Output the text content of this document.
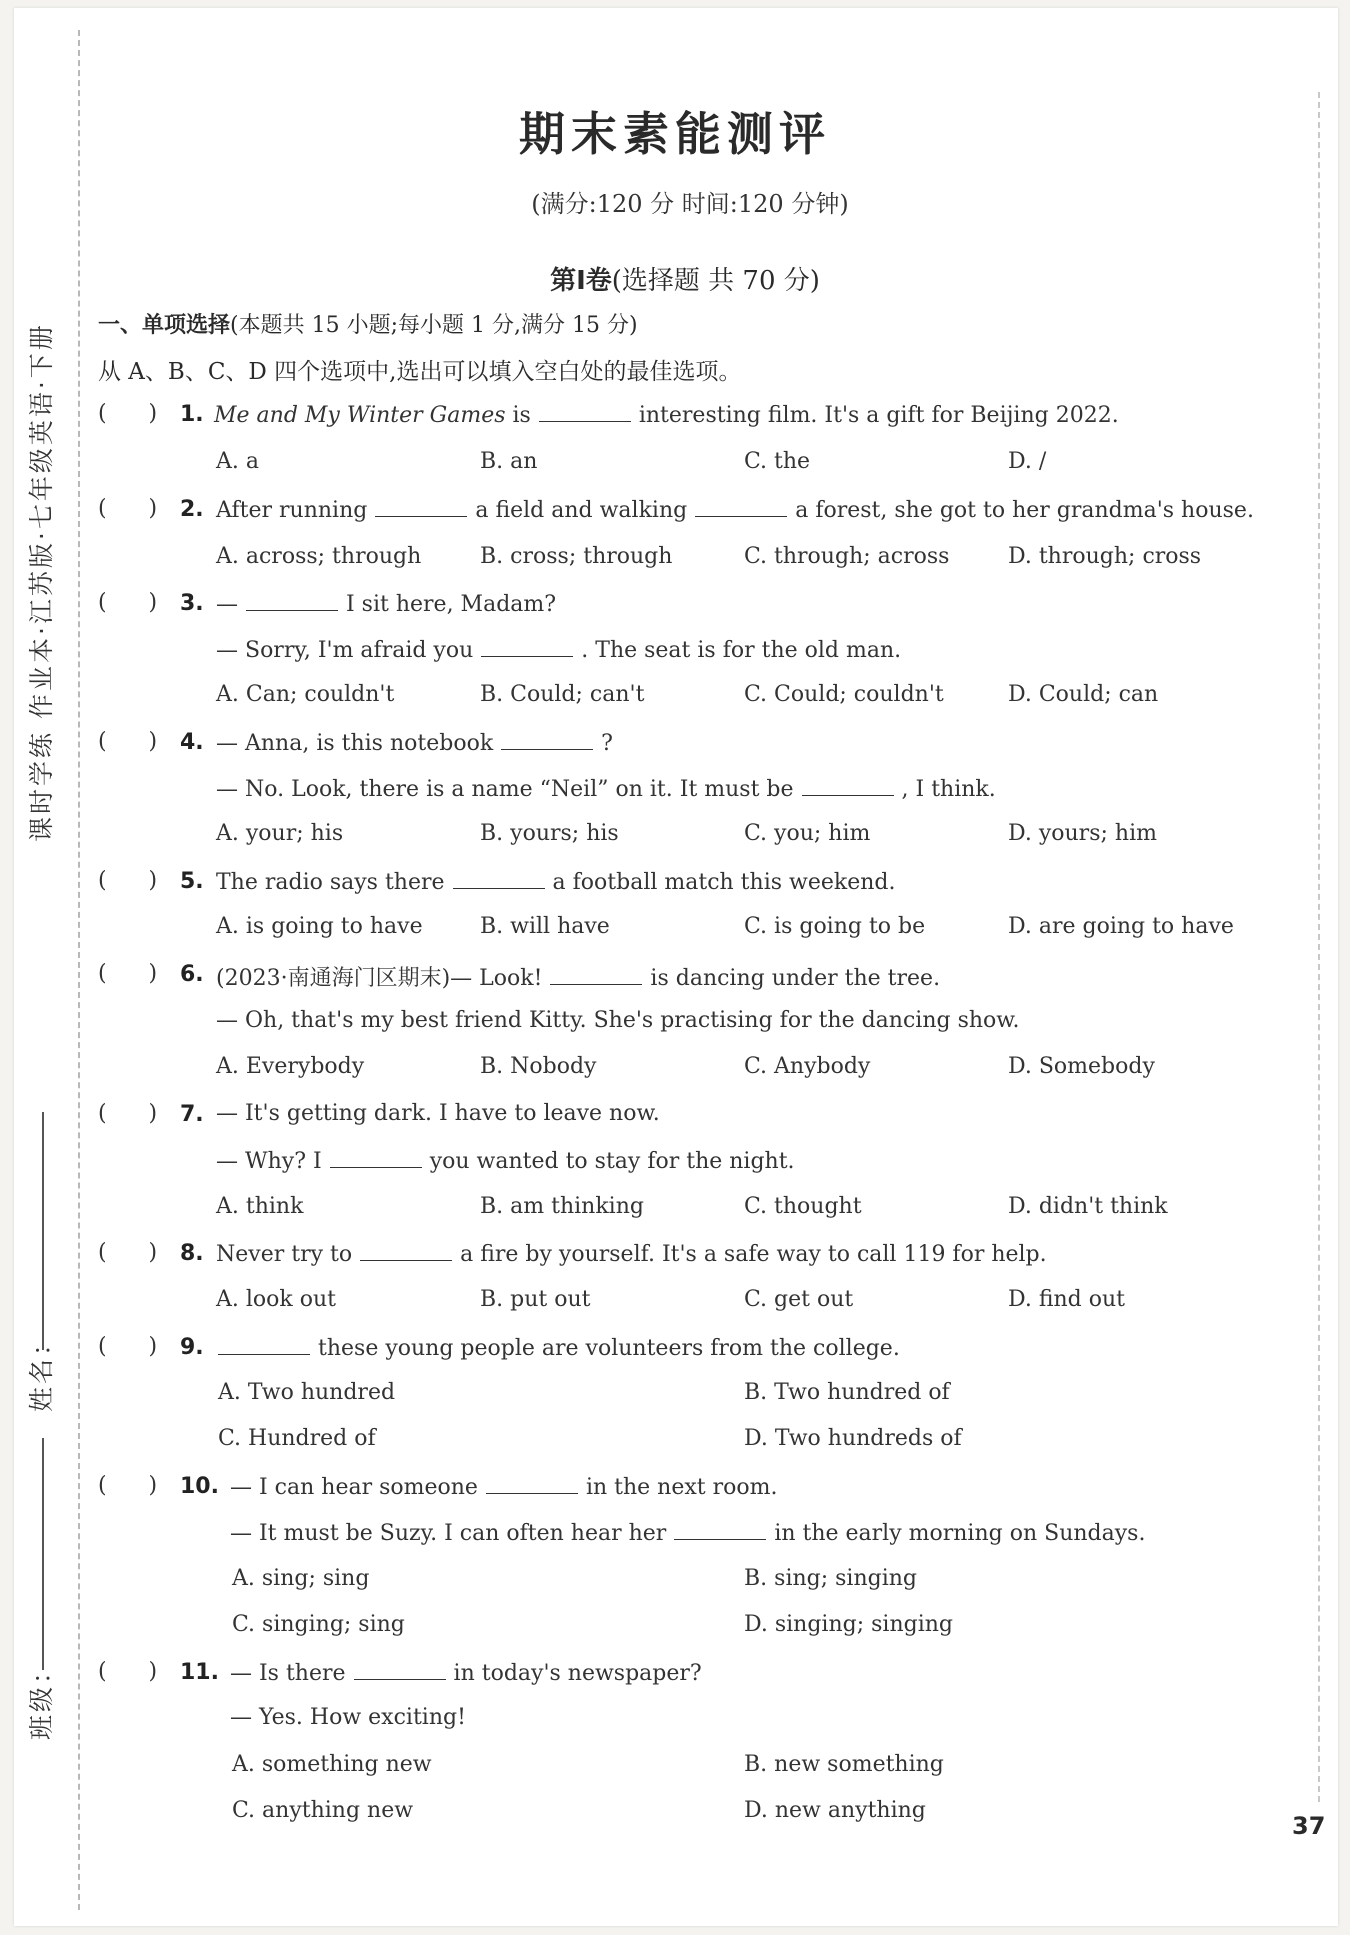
课时学练 作业本·江苏版·七年级英语·下册
姓名：
班级：
期末素能测评
(满分:120 分 时间:120 分钟)
第Ⅰ卷(选择题 共 70 分)
一、单项选择(本题共 15 小题;每小题 1 分,满分 15 分)
从 A、B、C、D 四个选项中,选出可以填入空白处的最佳选项。
(      ) 1. Me and My Winter Games is	interesting film. It's a gift for Beijing 2022.
A. a	B. an	C. the	D. /
(      ) 2. After running	a field and walking	a forest, she got to her grandma's house.
A. across; through	B. cross; through	C. through; across	D. through; cross
(      ) 3. —	I sit here, Madam?
— Sorry, I'm afraid you	. The seat is for the old man.
A. Can; couldn't	B. Could; can't	C. Could; couldn't	D. Could; can
(      ) 4. — Anna, is this notebook	?
— No. Look, there is a name “Neil” on it. It must be	, I think.
A. your; his	B. yours; his	C. you; him	D. yours; him
(      ) 5. The radio says there	a football match this weekend.
A. is going to have	B. will have	C. is going to be	D. are going to have
(      ) 6. (2023·南通海门区期末)— Look!	is dancing under the tree.
— Oh, that's my best friend Kitty. She's practising for the dancing show.
A. Everybody	B. Nobody	C. Anybody	D. Somebody
(      ) 7. — It's getting dark. I have to leave now.
— Why? I	you wanted to stay for the night.
A. think	B. am thinking	C. thought	D. didn't think
(      ) 8. Never try to	a fire by yourself. It's a safe way to call 119 for help.
A. look out	B. put out	C. get out	D. find out
(      ) 9.	these young people are volunteers from the college.
A. Two hundred	B. Two hundred of
C. Hundred of	D. Two hundreds of
(      ) 10. — I can hear someone	in the next room.
— It must be Suzy. I can often hear her	in the early morning on Sundays.
A. sing; sing	B. sing; singing
C. singing; sing	D. singing; singing
(      ) 11. — Is there	in today's newspaper?
— Yes. How exciting!
A. something new	B. new something
C. anything new	D. new anything
37
